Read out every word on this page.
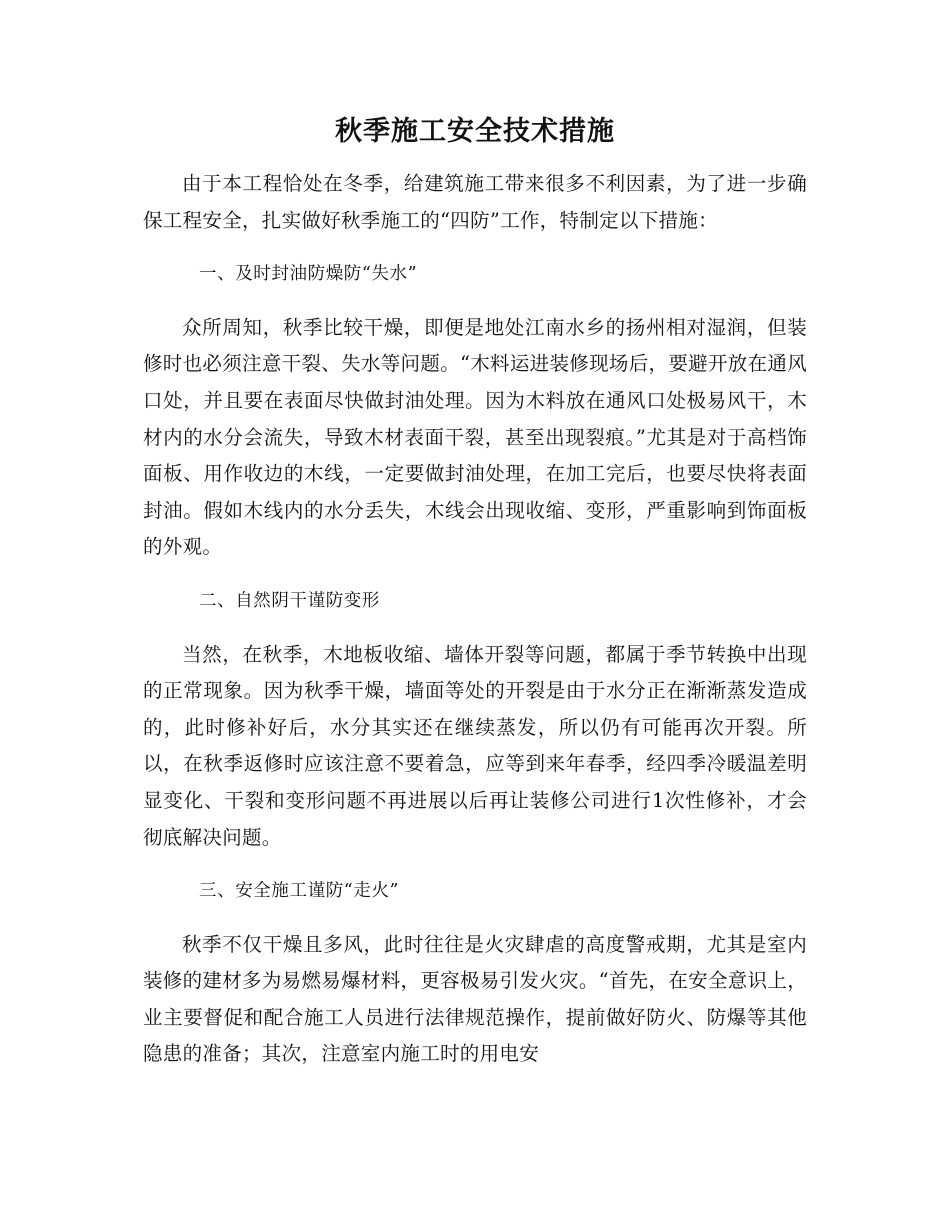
秋季施工安全技术措施

由于本工程恰处在冬季，给建筑施工带来很多不利因素，为了进一步确保工程安全，扎实做好秋季施工的“四防”工作，特制定以下措施：

一、及时封油防燥防“失水”

众所周知，秋季比较干燥，即便是地处江南水乡的扬州相对湿润，但装修时也必须注意干裂、失水等问题。“木料运进装修现场后，要避开放在通风口处，并且要在表面尽快做封油处理。因为木料放在通风口处极易风干，木材内的水分会流失，导致木材表面干裂，甚至出现裂痕。”尤其是对于高档饰面板、用作收边的木线，一定要做封油处理，在加工完后，也要尽快将表面封油。假如木线内的水分丢失，木线会出现收缩、变形，严重影响到饰面板的外观。

二、自然阴干谨防变形

当然，在秋季，木地板收缩、墙体开裂等问题，都属于季节转换中出现的正常现象。因为秋季干燥，墙面等处的开裂是由于水分正在渐渐蒸发造成的，此时修补好后，水分其实还在继续蒸发，所以仍有可能再次开裂。所以，在秋季返修时应该注意不要着急，应等到来年春季，经四季冷暖温差明显变化、干裂和变形问题不再进展以后再让装修公司进行1次性修补，才会彻底解决问题。

三、安全施工谨防“走火”

秋季不仅干燥且多风，此时往往是火灾肆虐的高度警戒期，尤其是室内装修的建材多为易燃易爆材料，更容极易引发火灾。“首先，在安全意识上，业主要督促和配合施工人员进行法律规范操作，提前做好防火、防爆等其他隐患的准备；其次，注意室内施工时的用电安
